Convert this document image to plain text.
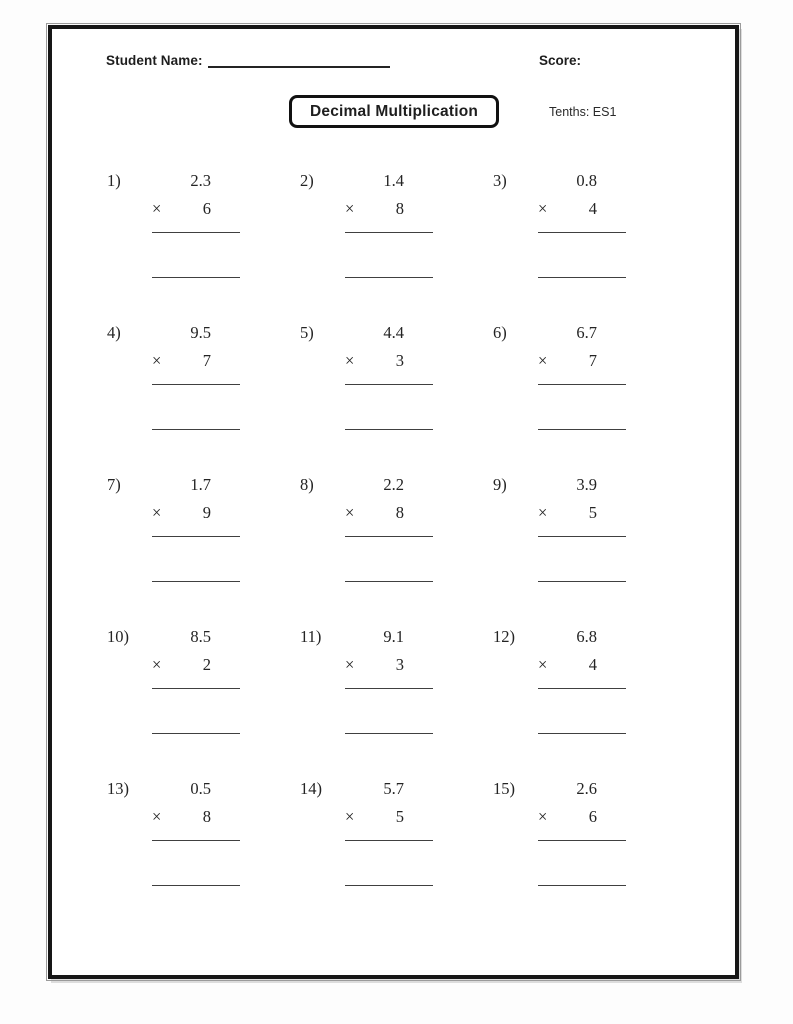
Student Name:	Score:
Decimal Multiplication	Tenths: ES1
1)	2.3
×	6
2)	1.4
×	8
3)	0.8
×	4
4)	9.5
×	7
5)	4.4
×	3
6)	6.7
×	7
7)	1.7
×	9
8)	2.2
×	8
9)	3.9
×	5
10)	8.5
×	2
11)	9.1
×	3
12)	6.8
×	4
13)	0.5
×	8
14)	5.7
×	5
15)	2.6
×	6
